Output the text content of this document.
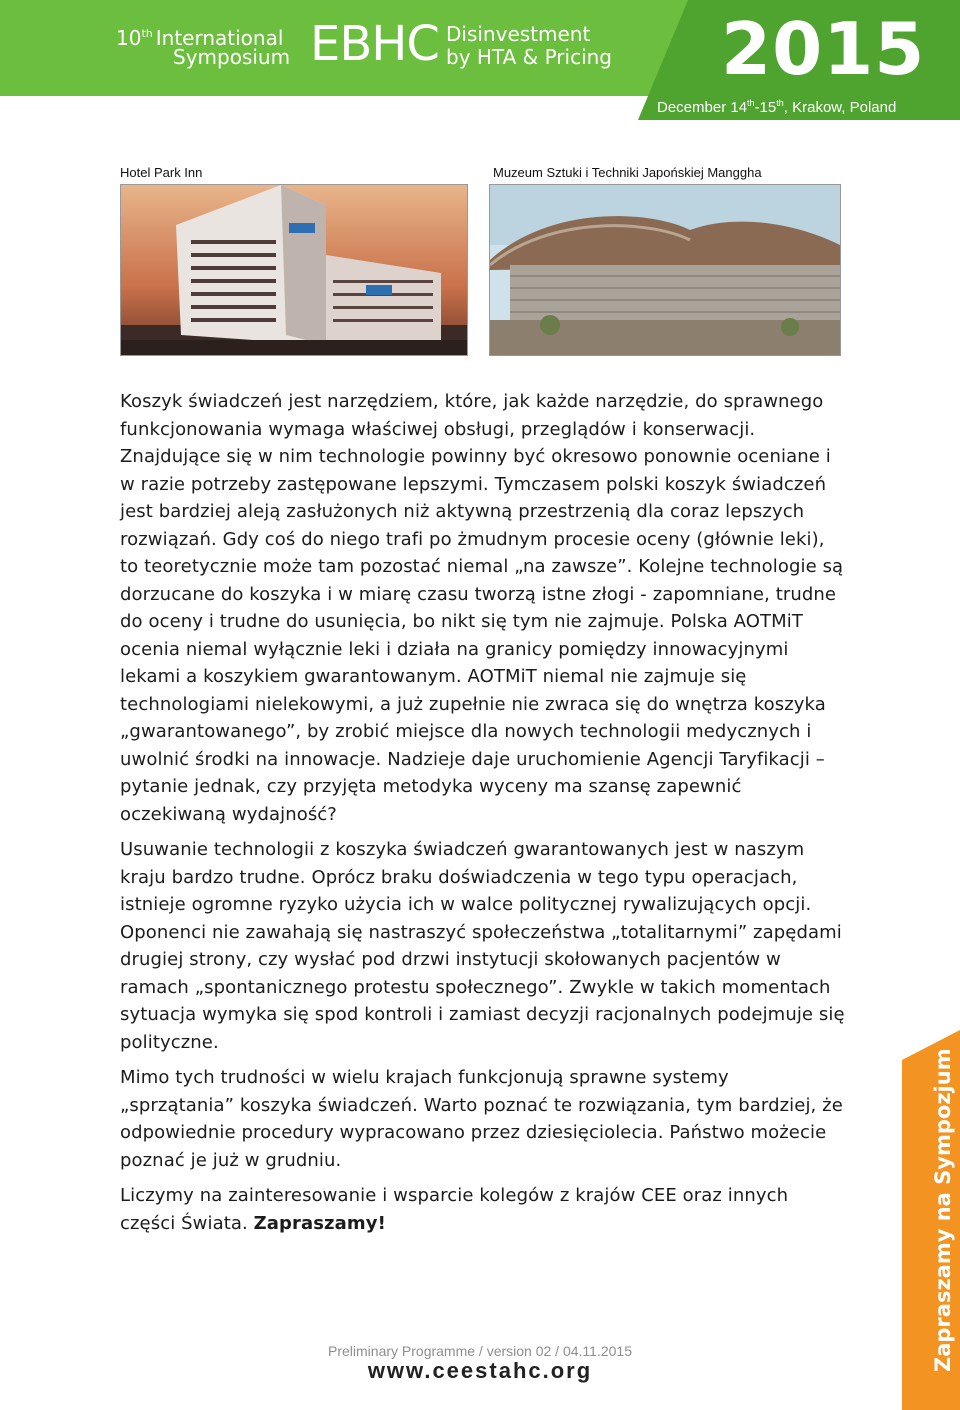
10th International
Symposium EBHC Disinvestment
by HTA & Pricing 2015
December 14th-15th, Krakow, Poland
Hotel Park Inn	Muzeum Sztuki i Techniki Japońskiej Manggha

Koszyk świadczeń jest narzędziem, które, jak każde narzędzie, do sprawnego funkcjonowania wymaga właściwej obsługi, przeglądów i konserwacji. Znajdujące się w nim technologie powinny być okresowo ponownie oceniane i w razie potrzeby zastępowane lepszymi. Tymczasem polski koszyk świadczeń jest bardziej aleją zasłużonych niż aktywną przestrzenią dla coraz lepszych rozwiązań. Gdy coś do niego trafi po żmudnym procesie oceny (głównie leki), to teoretycznie może tam pozostać niemal „na zawsze”. Kolejne technologie są dorzucane do koszyka i w miarę czasu tworzą istne złogi - zapomniane, trudne do oceny i trudne do usunięcia, bo nikt się tym nie zajmuje. Polska AOTMiT ocenia niemal wyłącznie leki i działa na granicy pomiędzy innowacyjnymi lekami a koszykiem gwarantowanym. AOTMiT niemal nie zajmuje się technologiami nielekowymi, a już zupełnie nie zwraca się do wnętrza koszyka „gwarantowanego”, by zrobić miejsce dla nowych technologii medycznych i uwolnić środki na innowacje. Nadzieje daje uruchomienie Agencji Taryfikacji – pytanie jednak, czy przyjęta metodyka wyceny ma szansę zapewnić oczekiwaną wydajność?

Usuwanie technologii z koszyka świadczeń gwarantowanych jest w naszym kraju bardzo trudne. Oprócz braku doświadczenia w tego typu operacjach, istnieje ogromne ryzyko użycia ich w walce politycznej rywalizujących opcji. Oponenci nie zawahają się nastraszyć społeczeństwa „totalitarnymi” zapędami drugiej strony, czy wysłać pod drzwi instytucji skołowanych pacjentów w ramach „spontanicznego protestu społecznego”. Zwykle w takich momentach sytuacja wymyka się spod kontroli i zamiast decyzji racjonalnych podejmuje się polityczne.

Mimo tych trudności w wielu krajach funkcjonują sprawne systemy „sprzątania” koszyka świadczeń. Warto poznać te rozwiązania, tym bardziej, że odpowiednie procedury wypracowano przez dziesięciolecia. Państwo możecie poznać je już w grudniu.

Liczymy na zainteresowanie i wsparcie kolegów z krajów CEE oraz innych części Świata. Zapraszamy!

Preliminary Programme / version 02 / 04.11.2015
www.ceestahc.org	Zapraszamy na Sympozjum
